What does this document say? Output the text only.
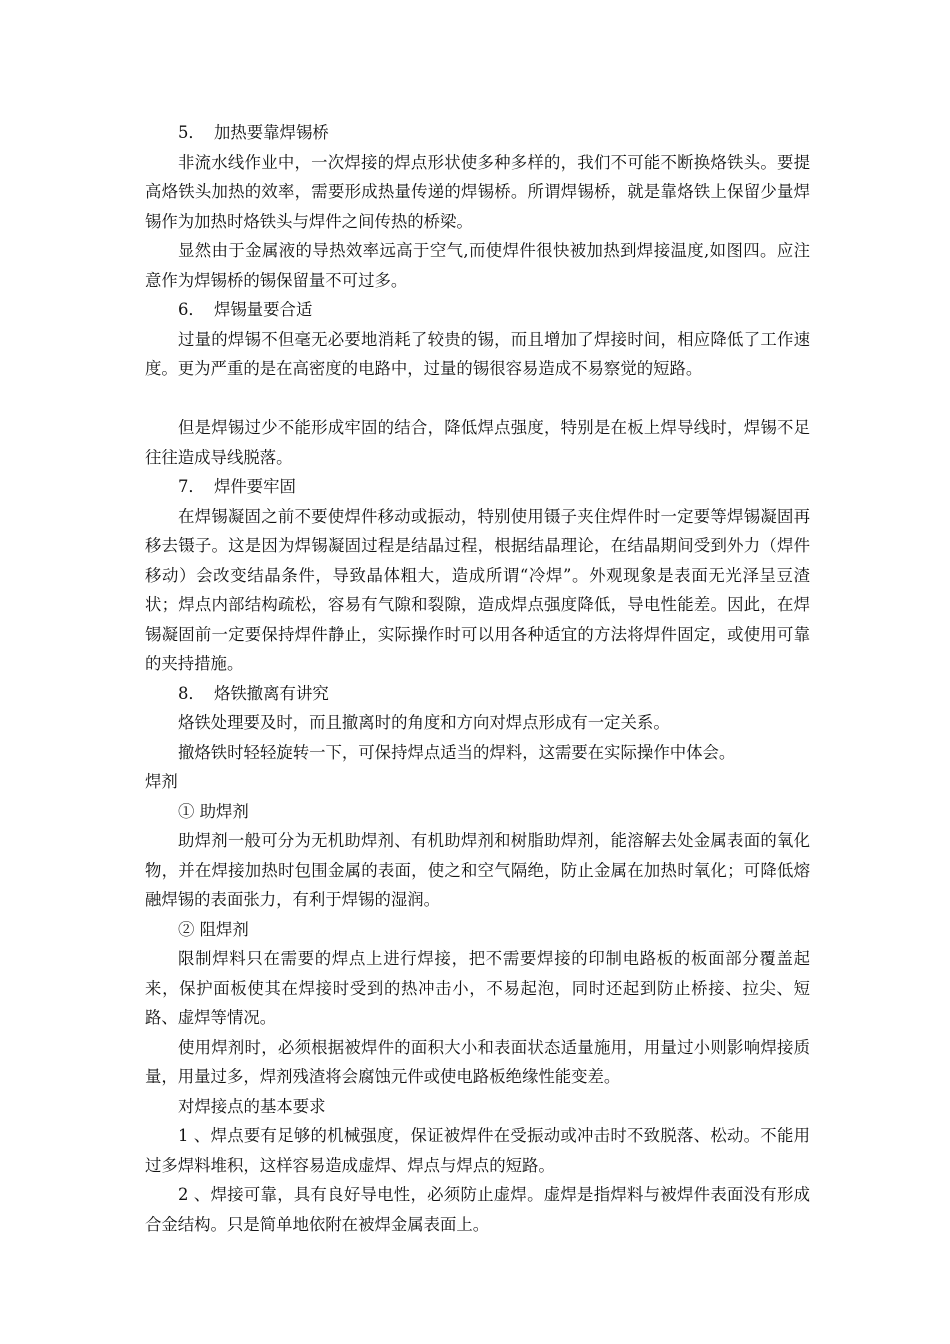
5． 加热要靠焊锡桥

非流水线作业中，一次焊接的焊点形状使多种多样的，我们不可能不断换烙铁头。要提高烙铁头加热的效率，需要形成热量传递的焊锡桥。所谓焊锡桥，就是靠烙铁上保留少量焊锡作为加热时烙铁头与焊件之间传热的桥梁。

显然由于金属液的导热效率远高于空气,而使焊件很快被加热到焊接温度,如图四。应注意作为焊锡桥的锡保留量不可过多。

6． 焊锡量要合适

过量的焊锡不但毫无必要地消耗了较贵的锡，而且增加了焊接时间，相应降低了工作速度。更为严重的是在高密度的电路中，过量的锡很容易造成不易察觉的短路。

但是焊锡过少不能形成牢固的结合，降低焊点强度，特别是在板上焊导线时，焊锡不足往往造成导线脱落。

7． 焊件要牢固

在焊锡凝固之前不要使焊件移动或振动，特别使用镊子夹住焊件时一定要等焊锡凝固再移去镊子。这是因为焊锡凝固过程是结晶过程，根据结晶理论，在结晶期间受到外力（焊件移动）会改变结晶条件，导致晶体粗大，造成所谓“冷焊”。外观现象是表面无光泽呈豆渣状；焊点内部结构疏松，容易有气隙和裂隙，造成焊点强度降低，导电性能差。因此，在焊锡凝固前一定要保持焊件静止，实际操作时可以用各种适宜的方法将焊件固定，或使用可靠的夹持措施。

8． 烙铁撤离有讲究

烙铁处理要及时，而且撤离时的角度和方向对焊点形成有一定关系。

撤烙铁时轻轻旋转一下，可保持焊点适当的焊料，这需要在实际操作中体会。

焊剂

① 助焊剂

助焊剂一般可分为无机助焊剂、有机助焊剂和树脂助焊剂，能溶解去处金属表面的氧化物，并在焊接加热时包围金属的表面，使之和空气隔绝，防止金属在加热时氧化；可降低熔融焊锡的表面张力，有利于焊锡的湿润。

② 阻焊剂

限制焊料只在需要的焊点上进行焊接，把不需要焊接的印制电路板的板面部分覆盖起来，保护面板使其在焊接时受到的热冲击小，不易起泡，同时还起到防止桥接、拉尖、短路、虚焊等情况。

使用焊剂时，必须根据被焊件的面积大小和表面状态适量施用，用量过小则影响焊接质量，用量过多，焊剂残渣将会腐蚀元件或使电路板绝缘性能变差。

对焊接点的基本要求

1 、焊点要有足够的机械强度，保证被焊件在受振动或冲击时不致脱落、松动。不能用过多焊料堆积，这样容易造成虚焊、焊点与焊点的短路。

2 、焊接可靠，具有良好导电性，必须防止虚焊。虚焊是指焊料与被焊件表面没有形成合金结构。只是简单地依附在被焊金属表面上。
